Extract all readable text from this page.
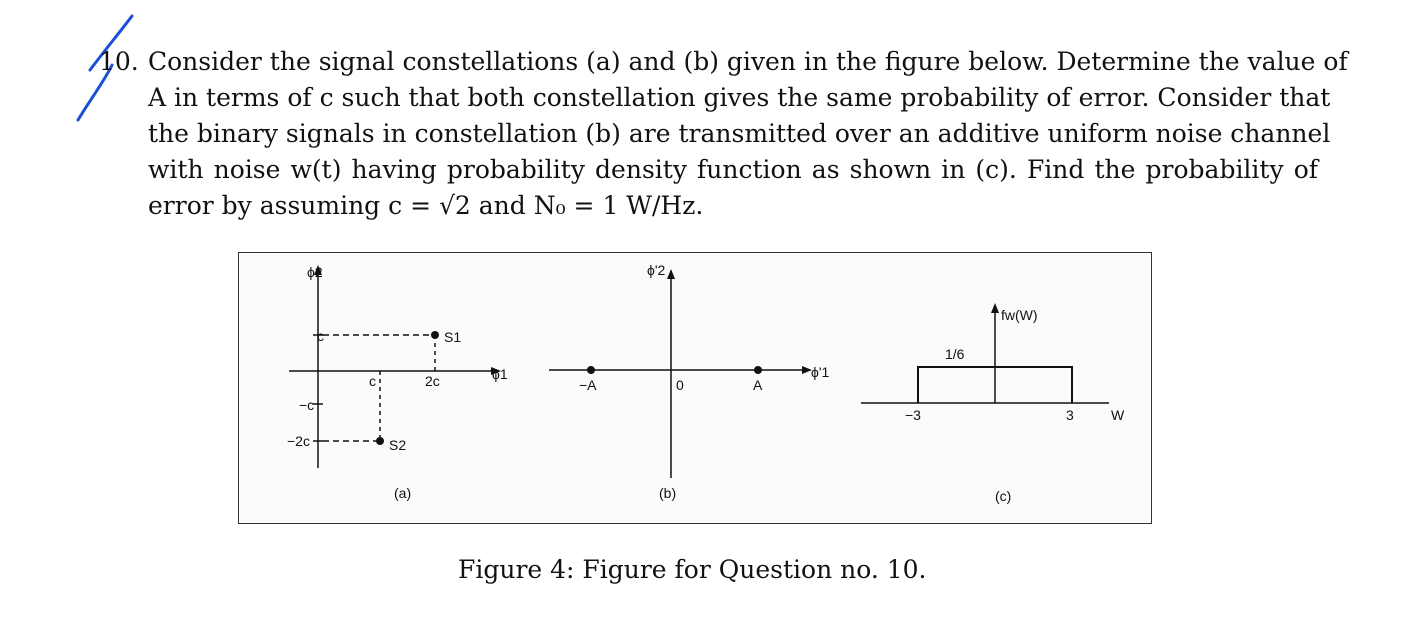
10. Consider the signal constellations (a) and (b) given in the figure below. Determine the value of
A in terms of c such that both constellation gives the same probability of error. Consider that
the binary signals in constellation (b) are transmitted over an additive uniform noise channel
with noise w(t) having probability density function as shown in (c). Find the probability of
error by assuming c = √2 and N₀ = 1 W/Hz.
ϕ2
ϕ1
c
−c
−2c
c	2c
S1
S2
(a)
ϕ'2
ϕ'1
−A	0	A
(b)
fw(W)
1/6
−3	3	W
(c)
Figure 4: Figure for Question no. 10.
